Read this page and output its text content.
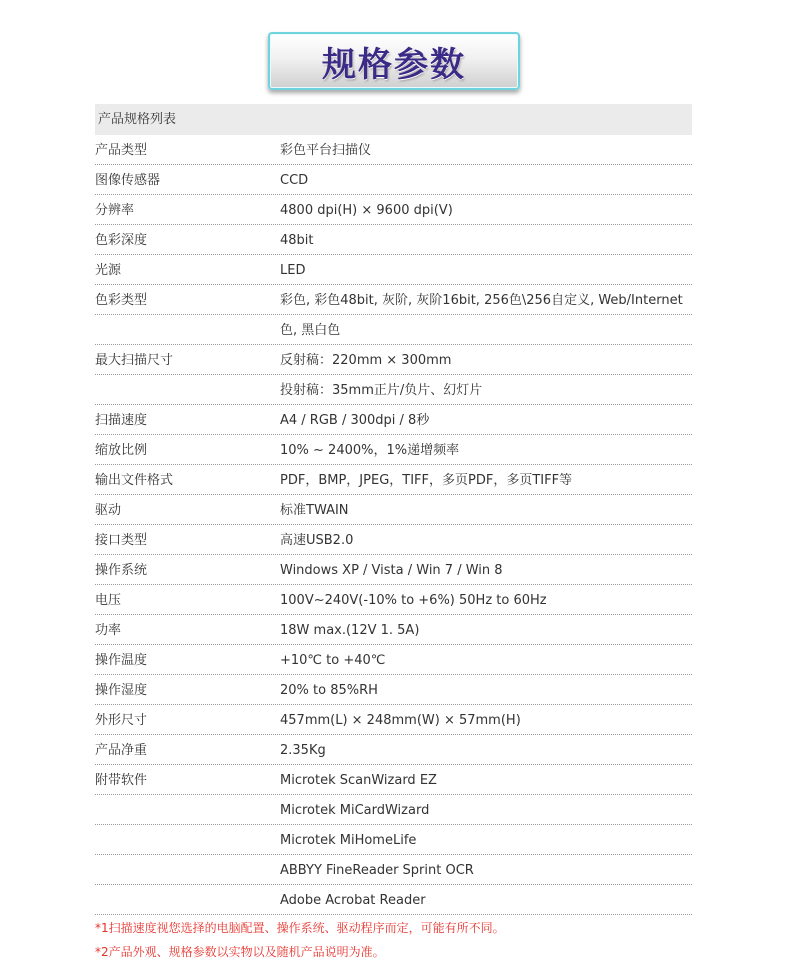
规格参数
产品规格列表
产品类型	彩色平台扫描仪
图像传感器	CCD
分辨率	4800 dpi(H) × 9600 dpi(V)
色彩深度	48bit
光源	LED
色彩类型	彩色, 彩色48bit, 灰阶, 灰阶16bit, 256色\256自定义, Web/Internet
色, 黑白色
最大扫描尺寸	反射稿：220mm × 300mm
投射稿：35mm正片/负片、幻灯片
扫描速度	A4 / RGB / 300dpi / 8秒
缩放比例	10% ~ 2400%，1%递增频率
输出文件格式	PDF，BMP，JPEG，TIFF，多页PDF，多页TIFF等
驱动	标准TWAIN
接口类型	高速USB2.0
操作系统	Windows XP / Vista / Win 7 / Win 8
电压	100V~240V(-10% to +6%) 50Hz to 60Hz
功率	18W max.(12V 1. 5A)
操作温度	+10℃ to +40℃
操作湿度	20% to 85%RH
外形尺寸	457mm(L) × 248mm(W) × 57mm(H)
产品净重	2.35Kg
附带软件	Microtek ScanWizard EZ
Microtek MiCardWizard
Microtek MiHomeLife
ABBYY FineReader Sprint OCR
Adobe Acrobat Reader
*1扫描速度视您选择的电脑配置、操作系统、驱动程序而定，可能有所不同。
*2产品外观、规格参数以实物以及随机产品说明为准。
